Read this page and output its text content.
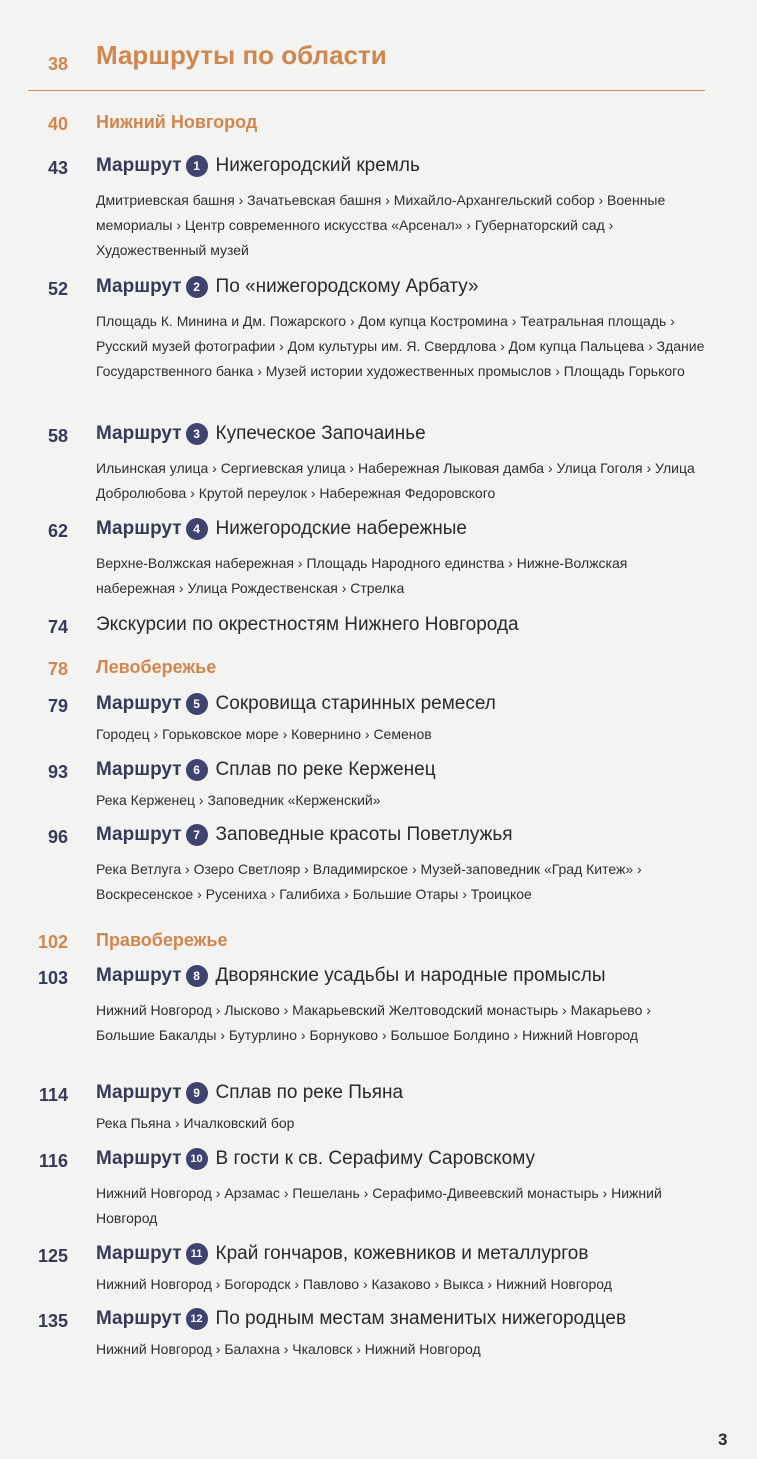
38 Маршруты по области
40 Нижний Новгород
43 Маршрут 1 Нижегородский кремль
Дмитриевская башня › Зачатьевская башня › Михайло-Архангельский собор › Военные мемориалы › Центр современного искусства «Арсенал» › Губернаторский сад › Художественный музей
52 Маршрут 2 По «нижегородскому Арбату»
Площадь К. Минина и Дм. Пожарского › Дом купца Костромина › Театральная площадь › Русский музей фотографии › Дом культуры им. Я. Свердлова › Дом купца Пальцева › Здание Государственного банка › Музей истории художественных промыслов › Площадь Горького
58 Маршрут 3 Купеческое Започаинье
Ильинская улица › Сергиевская улица › Набережная Лыковая дамба › Улица Гоголя › Улица Добролюбова › Крутой переулок › Набережная Федоровского
62 Маршрут 4 Нижегородские набережные
Верхне-Волжская набережная › Площадь Народного единства › Нижне-Волжская набережная › Улица Рождественская › Стрелка
74 Экскурсии по окрестностям Нижнего Новгорода
78 Левобережье
79 Маршрут 5 Сокровища старинных ремесел
Городец › Горьковское море › Ковернино › Семенов
93 Маршрут 6 Сплав по реке Керженец
Река Керженец › Заповедник «Керженский»
96 Маршрут 7 Заповедные красоты Поветлужья
Река Ветлуга › Озеро Светлояр › Владимирское › Музей-заповедник «Град Китеж» › Воскресенское › Русениха › Галибиха › Большие Отары › Троицкое
102 Правобережье
103 Маршрут 8 Дворянские усадьбы и народные промыслы
Нижний Новгород › Лысково › Макарьевский Желтоводский монастырь › Макарьево › Большие Бакалды › Бутурлино › Борнуково › Большое Болдино › Нижний Новгород
114 Маршрут 9 Сплав по реке Пьяна
Река Пьяна › Ичалковский бор
116 Маршрут 10 В гости к св. Серафиму Саровскому
Нижний Новгород › Арзамас › Пешелань › Серафимо-Дивеевский монастырь › Нижний Новгород
125 Маршрут 11 Край гончаров, кожевников и металлургов
Нижний Новгород › Богородск › Павлово › Казаково › Выкса › Нижний Новгород
135 Маршрут 12 По родным местам знаменитых нижегородцев
Нижний Новгород › Балахна › Чкаловск › Нижний Новгород
3
